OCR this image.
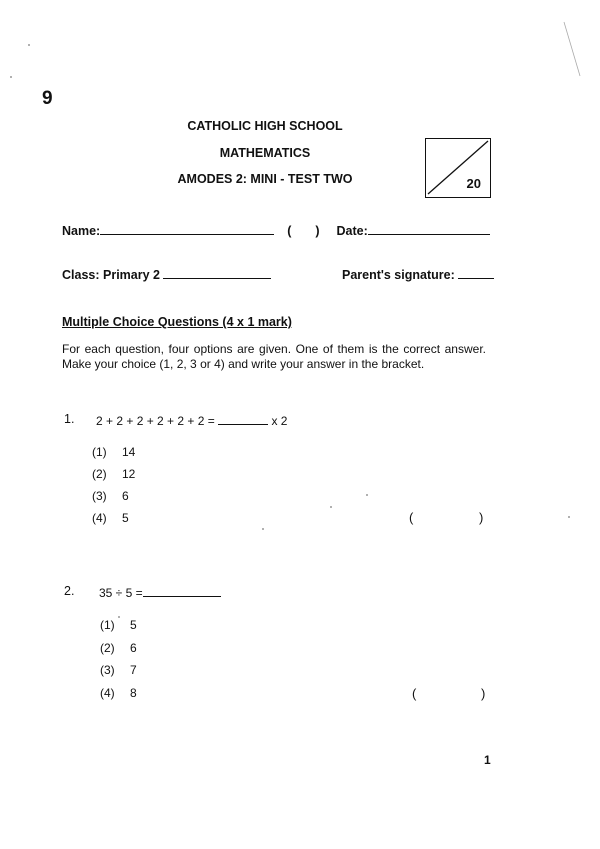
9
CATHOLIC HIGH SCHOOL
MATHEMATICS
AMODES 2: MINI - TEST TWO	20
Name:	( ) Date:
Class: Primary 2	Parent's signature:
Multiple Choice Questions (4 x 1 mark)
For each question, four options are given. One of them is the correct answer. Make your choice (1, 2, 3 or 4) and write your answer in the bracket.
1. 2 + 2 + 2 + 2 + 2 + 2 =	x 2
(1) 14
(2) 12
(3) 6
(4) 5	(	)
2. 35 ÷ 5 =
(1) 5
(2) 6
(3) 7
(4) 8	(	)
1
